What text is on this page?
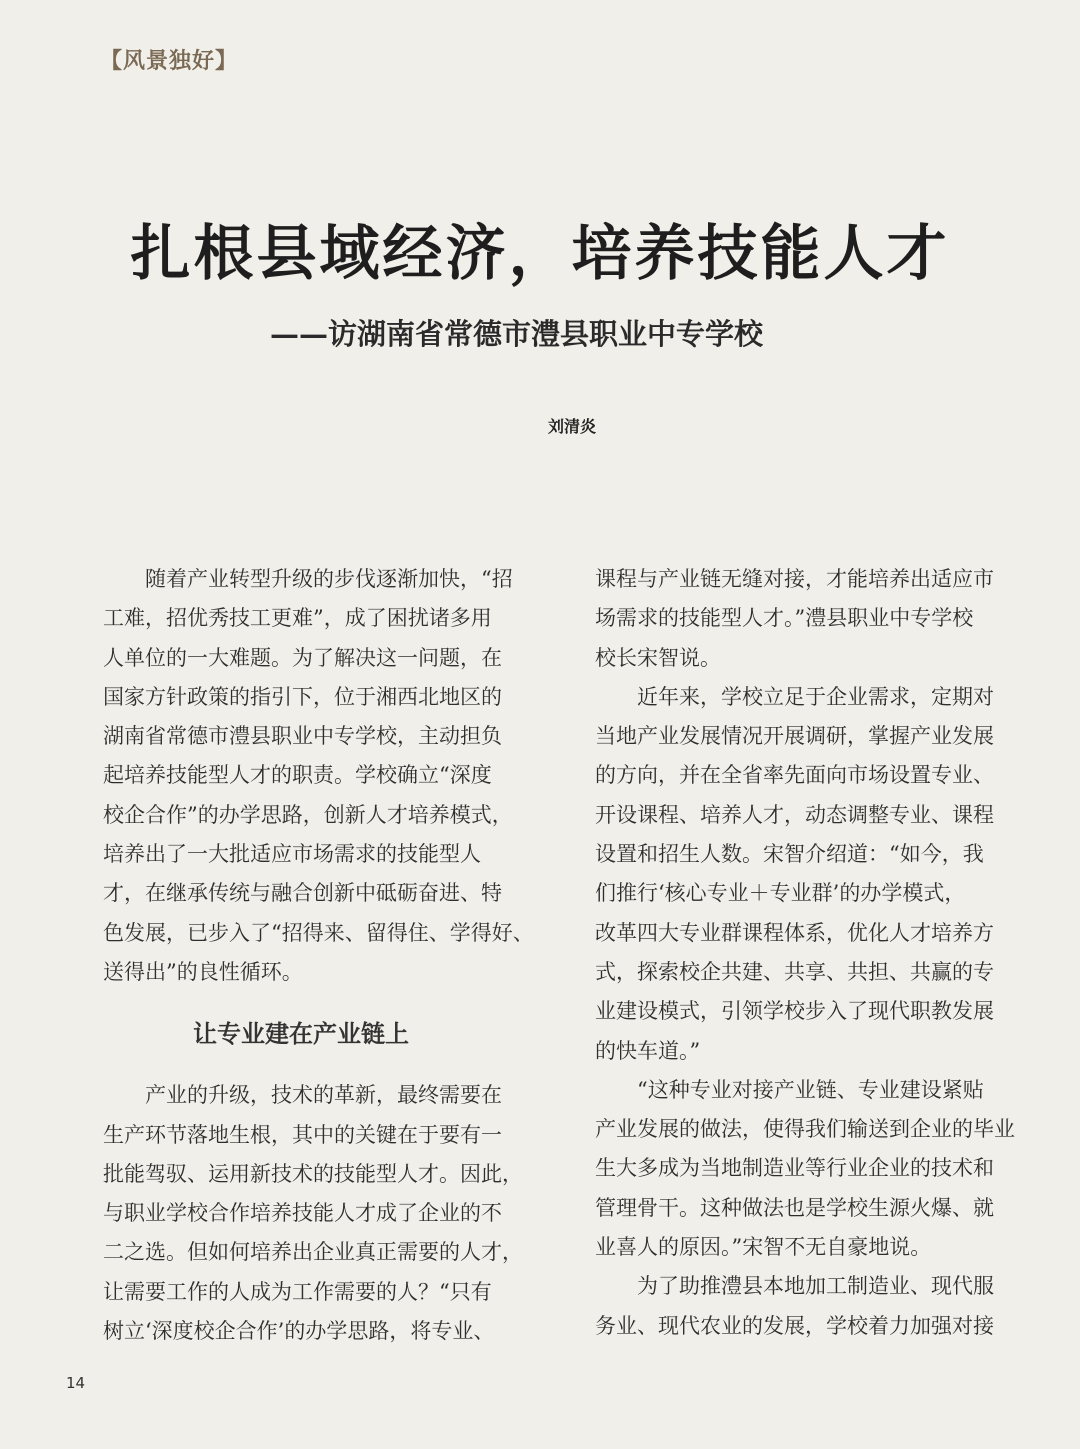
【风景独好】
扎根县域经济，培养技能人才
——访湖南省常德市澧县职业中专学校
刘清炎
　　随着产业转型升级的步伐逐渐加快，“招
工难，招优秀技工更难”，成了困扰诸多用
人单位的一大难题。为了解决这一问题，在
国家方针政策的指引下，位于湘西北地区的
湖南省常德市澧县职业中专学校，主动担负
起培养技能型人才的职责。学校确立“深度
校企合作”的办学思路，创新人才培养模式，
培养出了一大批适应市场需求的技能型人
才，在继承传统与融合创新中砥砺奋进、特
色发展，已步入了“招得来、留得住、学得好、
送得出”的良性循环。
让专业建在产业链上
　　产业的升级，技术的革新，最终需要在
生产环节落地生根，其中的关键在于要有一
批能驾驭、运用新技术的技能型人才。因此，
与职业学校合作培养技能人才成了企业的不
二之选。但如何培养出企业真正需要的人才，
让需要工作的人成为工作需要的人？“只有
树立‘深度校企合作’的办学思路，将专业、
课程与产业链无缝对接，才能培养出适应市
场需求的技能型人才。”澧县职业中专学校
校长宋智说。
　　近年来，学校立足于企业需求，定期对
当地产业发展情况开展调研，掌握产业发展
的方向，并在全省率先面向市场设置专业、
开设课程、培养人才，动态调整专业、课程
设置和招生人数。宋智介绍道：“如今，我
们推行‘核心专业＋专业群’的办学模式，
改革四大专业群课程体系，优化人才培养方
式，探索校企共建、共享、共担、共赢的专
业建设模式，引领学校步入了现代职教发展
的快车道。”
　　“这种专业对接产业链、专业建设紧贴
产业发展的做法，使得我们输送到企业的毕业
生大多成为当地制造业等行业企业的技术和
管理骨干。这种做法也是学校生源火爆、就
业喜人的原因。”宋智不无自豪地说。
　　为了助推澧县本地加工制造业、现代服
务业、现代农业的发展，学校着力加强对接
14
